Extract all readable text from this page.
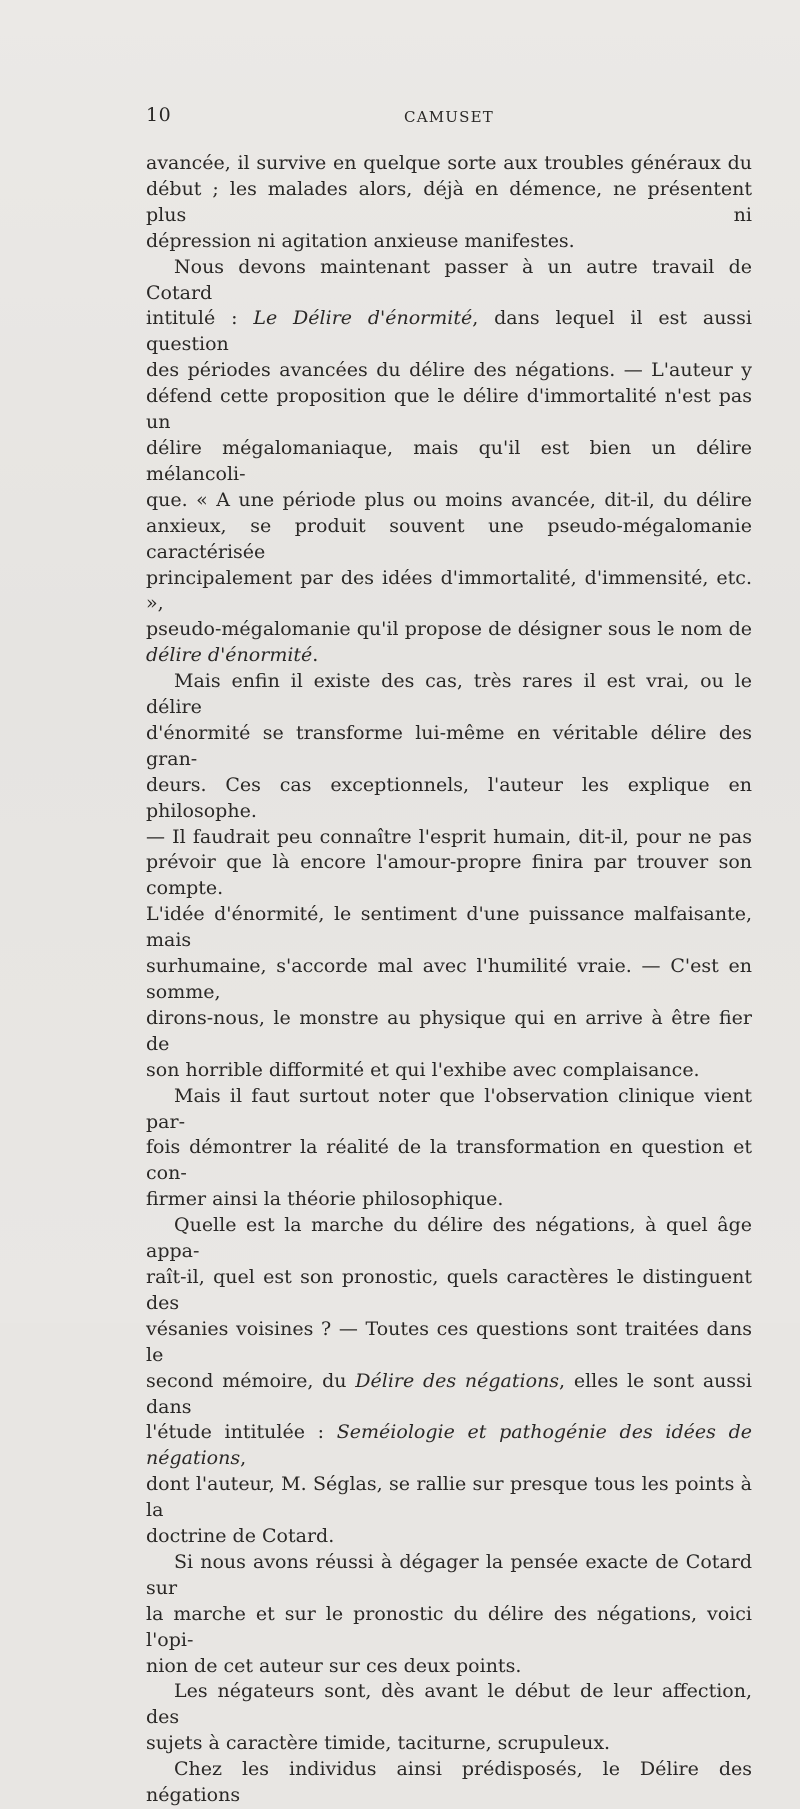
10	CAMUSET

avancée, il survive en quelque sorte aux troubles généraux du

début ; les malades alors, déjà en démence, ne présentent plus ni

dépression ni agitation anxieuse manifestes.

Nous devons maintenant passer à un autre travail de Cotard

intitulé : Le Délire d'énormité, dans lequel il est aussi question

des périodes avancées du délire des négations. — L'auteur y

défend cette proposition que le délire d'immortalité n'est pas un

délire mégalomaniaque, mais qu'il est bien un délire mélancoli-

que. « A une période plus ou moins avancée, dit-il, du délire

anxieux, se produit souvent une pseudo-mégalomanie caractérisée

principalement par des idées d'immortalité, d'immensité, etc. »,

pseudo-mégalomanie qu'il propose de désigner sous le nom de

délire d'énormité.

Mais enfin il existe des cas, très rares il est vrai, ou le délire

d'énormité se transforme lui-même en véritable délire des gran-

deurs. Ces cas exceptionnels, l'auteur les explique en philosophe.

— Il faudrait peu connaître l'esprit humain, dit-il, pour ne pas

prévoir que là encore l'amour-propre finira par trouver son compte.

L'idée d'énormité, le sentiment d'une puissance malfaisante, mais

surhumaine, s'accorde mal avec l'humilité vraie. — C'est en somme,

dirons-nous, le monstre au physique qui en arrive à être fier de

son horrible difformité et qui l'exhibe avec complaisance.

Mais il faut surtout noter que l'observation clinique vient par-

fois démontrer la réalité de la transformation en question et con-

firmer ainsi la théorie philosophique.

Quelle est la marche du délire des négations, à quel âge appa-

raît-il, quel est son pronostic, quels caractères le distinguent des

vésanies voisines ? — Toutes ces questions sont traitées dans le

second mémoire, du Délire des négations, elles le sont aussi dans

l'étude intitulée : Seméiologie et pathogénie des idées de négations,

dont l'auteur, M. Séglas, se rallie sur presque tous les points à la

doctrine de Cotard.

Si nous avons réussi à dégager la pensée exacte de Cotard sur

la marche et sur le pronostic du délire des négations, voici l'opi-

nion de cet auteur sur ces deux points.

Les négateurs sont, dès avant le début de leur affection, des

sujets à caractère timide, taciturne, scrupuleux.

Chez les individus ainsi prédisposés, le Délire des négations
